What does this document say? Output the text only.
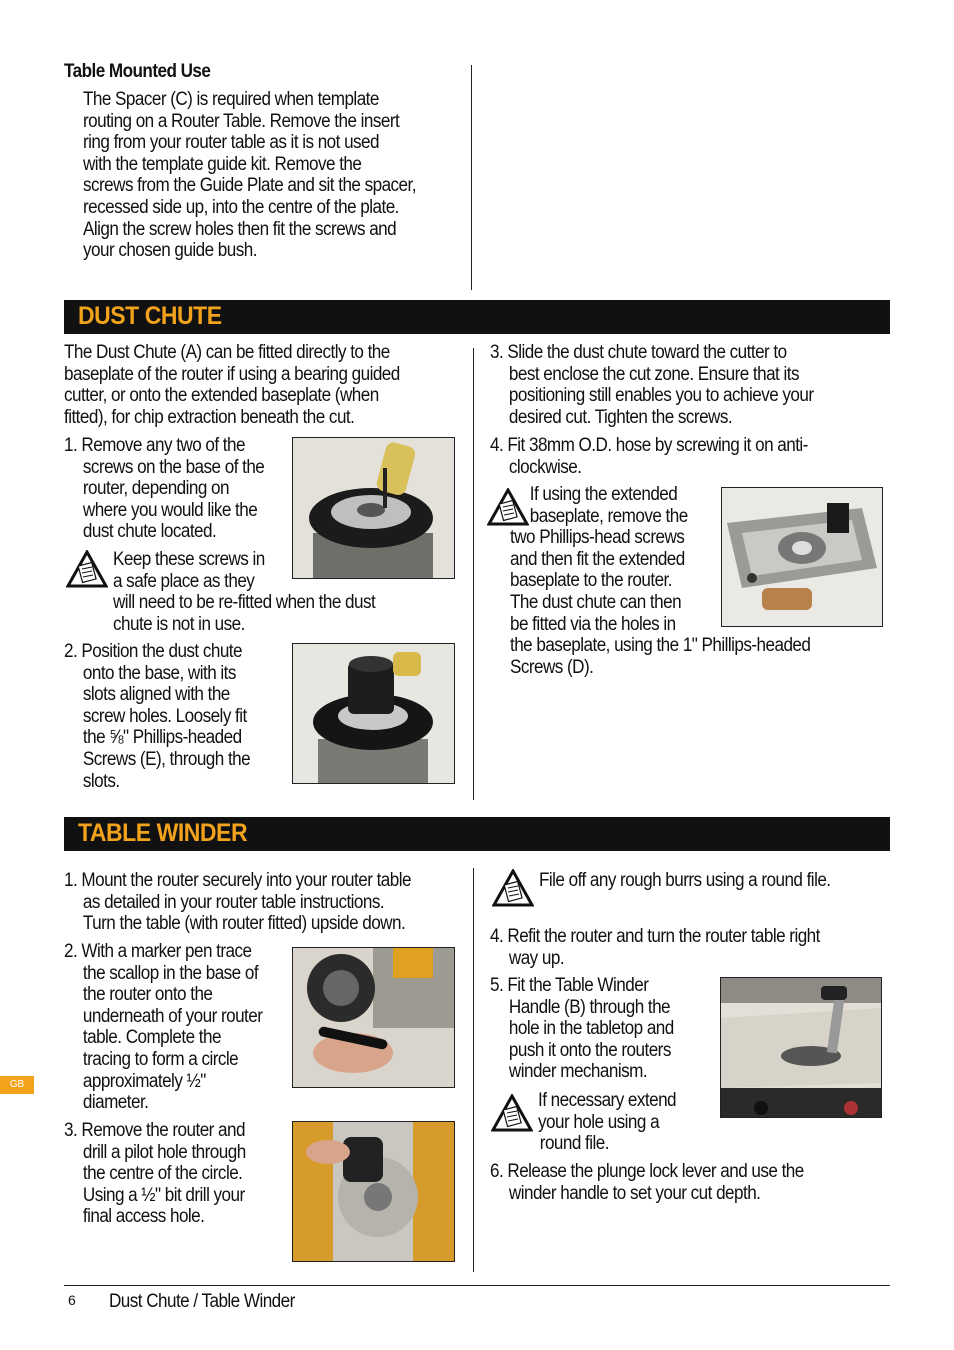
Table Mounted Use
The Spacer (C) is required when template
routing on a Router Table. Remove the insert
ring from your router table as it is not used
with the template guide kit. Remove the
screws from the Guide Plate and sit the spacer,
recessed side up, into the centre of the plate.
Align the screw holes then fit the screws and
your chosen guide bush.
DUST CHUTE
The Dust Chute (A) can be fitted directly to the
baseplate of the router if using a bearing guided
cutter, or onto the extended baseplate (when
fitted), for chip extraction beneath the cut.
1. Remove any two of the
screws on the base of the
router, depending on
where you would like the
dust chute located.
Keep these screws in
a safe place as they
will need to be re-fitted when the dust
chute is not in use.
2. Position the dust chute
onto the base, with its
slots aligned with the
screw holes. Loosely fit
the ⅝" Phillips-headed
Screws (E), through the
slots.
3. Slide the dust chute toward the cutter to
best enclose the cut zone. Ensure that its
positioning still enables you to achieve your
desired cut. Tighten the screws.
4. Fit 38mm O.D. hose by screwing it on anti-
clockwise.
If using the extended
baseplate, remove the
two Phillips-head screws
and then fit the extended
baseplate to the router.
The dust chute can then
be fitted via the holes in
the baseplate, using the 1" Phillips-headed
Screws (D).
TABLE WINDER
1. Mount the router securely into your router table
as detailed in your router table instructions.
Turn the table (with router fitted) upside down.
2. With a marker pen trace
the scallop in the base of
the router onto the
underneath of your router
table. Complete the
tracing to form a circle
approximately ½"
diameter.
3. Remove the router and
drill a pilot hole through
the centre of the circle.
Using a ½" bit drill your
final access hole.
File off any rough burrs using a round file.
4. Refit the router and turn the router table right
way up.
5. Fit the Table Winder
Handle (B) through the
hole in the tabletop and
push it onto the routers
winder mechanism.
If necessary extend
your hole using a
round file.
6. Release the plunge lock lever and use the
winder handle to set your cut depth.
GB
6 Dust Chute / Table Winder
